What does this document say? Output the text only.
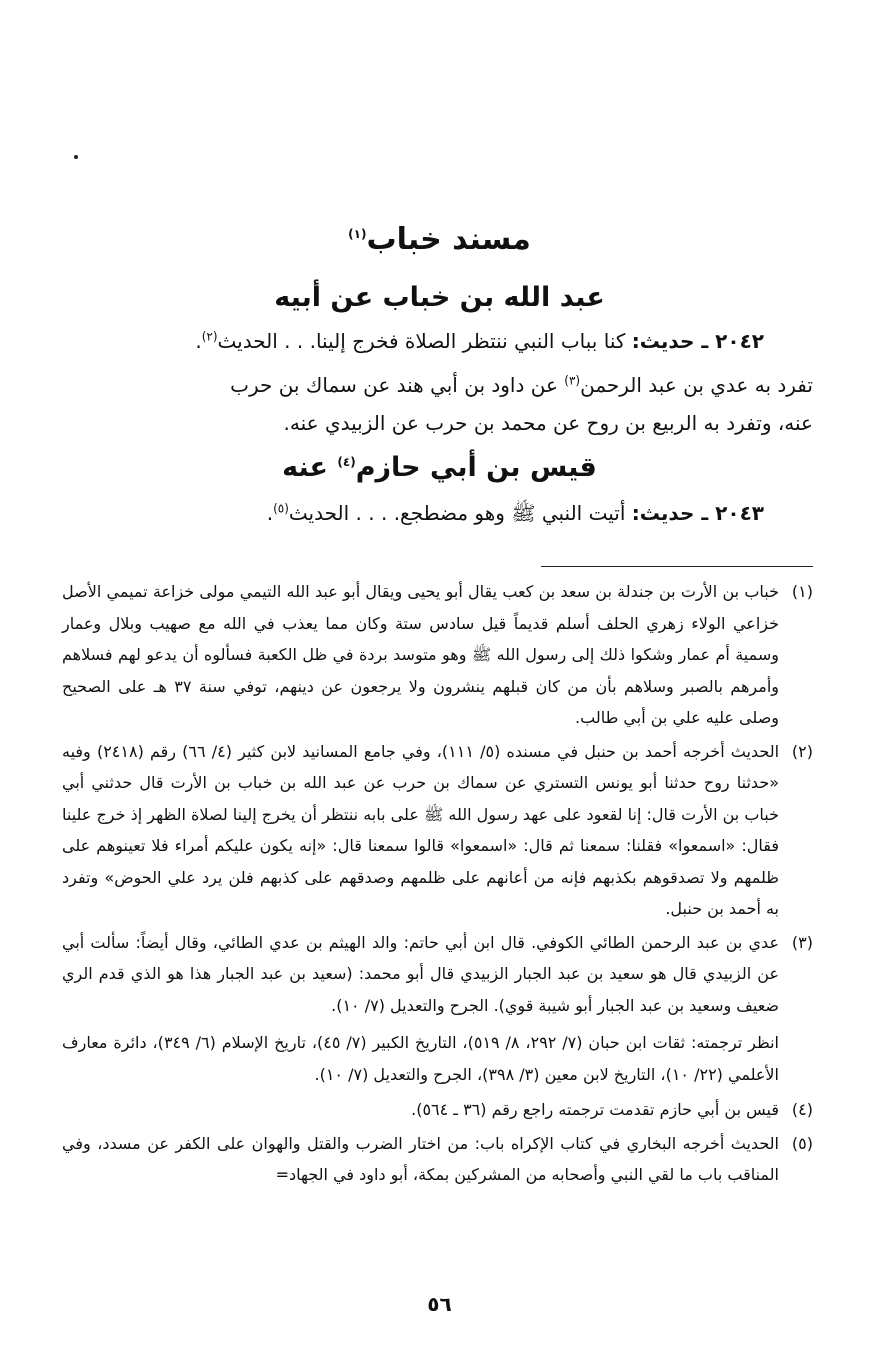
مسند خباب$^{(١)}$
عبد الله بن خباب عن أبيه
٢٠٤٢ ـ حديث: كنا بباب النبي ننتظر الصلاة فخرج إلينا. . . الحديث$^{(٢)}$.
تفرد به عدي بن عبد الرحمن$^{(٣)}$ عن داود بن أبي هند عن سماك بن حرب
عنه، وتفرد به الربيع بن روح عن محمد بن حرب عن الزبيدي عنه.
قيس بن أبي حازم$^{(٤)}$ عنه
٢٠٤٣ ـ حديث: أتيت النبي ﷺ وهو مضطجع. . . . الحديث$^{(٥)}$.
(١)
خباب بن الأرت بن جندلة بن سعد بن كعب يقال أبو يحيى ويقال أبو عبد الله التيمي مولى خزاعة تميمي الأصل خزاعي الولاء زهري الحلف أسلم قديماً قيل سادس ستة وكان مما يعذب في الله مع صهيب وبلال وعمار وسمية أم عمار وشكوا ذلك إلى رسول الله ﷺ وهو متوسد بردة في ظل الكعبة فسألوه أن يدعو لهم فسلاهم وأمرهم بالصبر وسلاهم بأن من كان قبلهم ينشرون ولا يرجعون عن دينهم، توفي سنة ٣٧ هـ على الصحيح وصلى عليه علي بن أبي طالب.
(٢)
الحديث أخرجه أحمد بن حنبل في مسنده (٥/ ١١١)، وفي جامع المسانيد لابن كثير (٤/ ٦٦) رقم (٢٤١٨) وفيه «حدثنا روح حدثنا أبو يونس التستري عن سماك بن حرب عن عبد الله بن خباب بن الأرت قال حدثني أبي خباب بن الأرت قال: إنا لقعود على عهد رسول الله ﷺ على بابه ننتظر أن يخرج إلينا لصلاة الظهر إذ خرج علينا فقال: «اسمعوا» فقلنا: سمعنا ثم قال: «اسمعوا» قالوا سمعنا قال: «إنه يكون عليكم أمراء فلا تعينوهم على ظلمهم ولا تصدقوهم بكذبهم فإنه من أعانهم على ظلمهم وصدقهم على كذبهم فلن يرد علي الحوض» وتفرد به أحمد بن حنبل.
(٣)
عدي بن عبد الرحمن الطائي الكوفي. قال ابن أبي حاتم: والد الهيثم بن عدي الطائي، وقال أيضاً: سألت أبي عن الزبيدي قال هو سعيد بن عبد الجبار الزبيدي قال أبو محمد: (سعيد بن عبد الجبار هذا هو الذي قدم الري ضعيف وسعيد بن عبد الجبار أبو شيبة قوي). الجرح والتعديل (٧/ ١٠).
انظر ترجمته: ثقات ابن حبان (٧/ ٢٩٢، ٨/ ٥١٩)، التاريخ الكبير (٧/ ٤٥)، تاريخ الإسلام (٦/ ٣٤٩)، دائرة معارف الأعلمي (٢٢/ ١٠)، التاريخ لابن معين (٣/ ٣٩٨)، الجرح والتعديل (٧/ ١٠).
(٤)
قيس بن أبي حازم تقدمت ترجمته راجع رقم (٣٦ ـ ٥٦٤).
(٥)
الحديث أخرجه البخاري في كتاب الإكراه باب: من اختار الضرب والقتل والهوان على الكفر عن مسدد، وفي المناقب باب ما لقي النبي وأصحابه من المشركين بمكة، أبو داود في الجهاد=
٥٦
